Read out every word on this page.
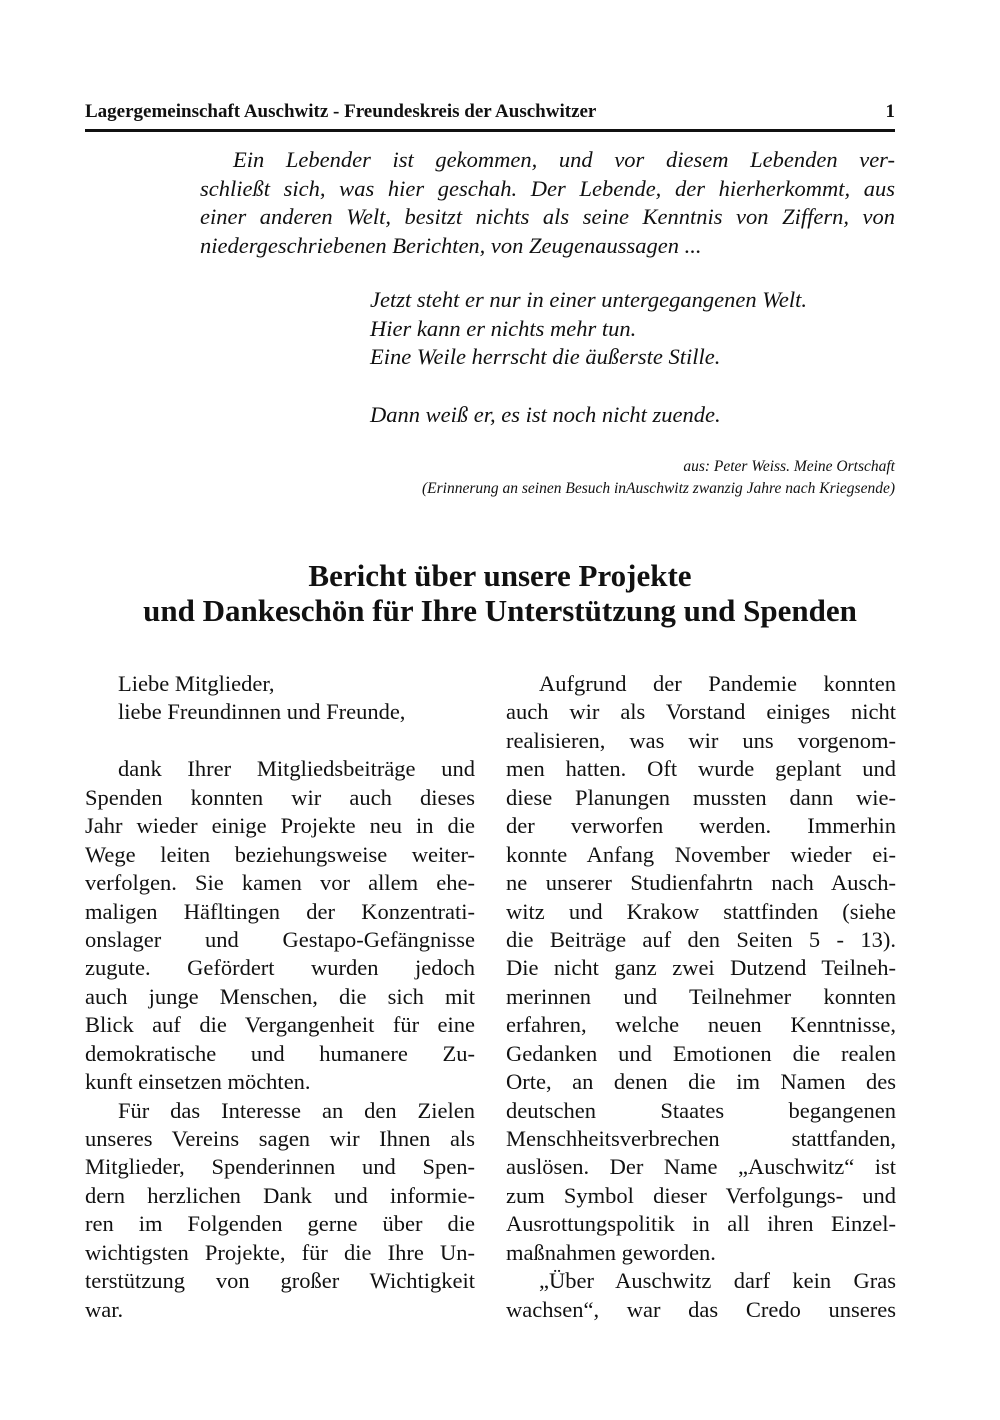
Lagergemeinschaft Auschwitz - Freundeskreis der Auschwitzer	1
Ein Lebender ist gekommen, und vor diesem Lebenden ver-
schließt sich, was hier geschah. Der Lebende, der hierherkommt, aus
einer anderen Welt, besitzt nichts als seine Kenntnis von Ziffern, von
niedergeschriebenen Berichten, von Zeugenaussagen ...
Jetzt steht er nur in einer untergegangenen Welt.
Hier kann er nichts mehr tun.
Eine Weile herrscht die äußerste Stille.
Dann weiß er, es ist noch nicht zuende.
aus: Peter Weiss. Meine Ortschaft
(Erinnerung an seinen Besuch inAuschwitz zwanzig Jahre nach Kriegsende)
Bericht über unsere Projekte
und Dankeschön für Ihre Unterstützung und Spenden
Liebe Mitglieder,
liebe Freundinnen und Freunde,
dank Ihrer Mitgliedsbeiträge und
Spenden konnten wir auch dieses
Jahr wieder einige Projekte neu in die
Wege leiten beziehungsweise weiter-
verfolgen. Sie kamen vor allem ehe-
maligen Häfltingen der Konzentrati-
onslager und Gestapo-Gefängnisse
zugute. Gefördert wurden jedoch
auch junge Menschen, die sich mit
Blick auf die Vergangenheit für eine
demokratische und humanere Zu-
kunft einsetzen möchten.
Für das Interesse an den Zielen
unseres Vereins sagen wir Ihnen als
Mitglieder, Spenderinnen und Spen-
dern herzlichen Dank und informie-
ren im Folgenden gerne über die
wichtigsten Projekte, für die Ihre Un-
terstützung von großer Wichtigkeit
war.
Aufgrund der Pandemie konnten
auch wir als Vorstand einiges nicht
realisieren, was wir uns vorgenom-
men hatten. Oft wurde geplant und
diese Planungen mussten dann wie-
der verworfen werden. Immerhin
konnte Anfang November wieder ei-
ne unserer Studienfahrtn nach Ausch-
witz und Krakow stattfinden (siehe
die Beiträge auf den Seiten 5 - 13).
Die nicht ganz zwei Dutzend Teilneh-
merinnen und Teilnehmer konnten
erfahren, welche neuen Kenntnisse,
Gedanken und Emotionen die realen
Orte, an denen die im Namen des
deutschen Staates begangenen
Menschheitsverbrechen stattfanden,
auslösen. Der Name „Auschwitz“ ist
zum Symbol dieser Verfolgungs- und
Ausrottungspolitik in all ihren Einzel-
maßnahmen geworden.
„Über Auschwitz darf kein Gras
wachsen“, war das Credo unseres
